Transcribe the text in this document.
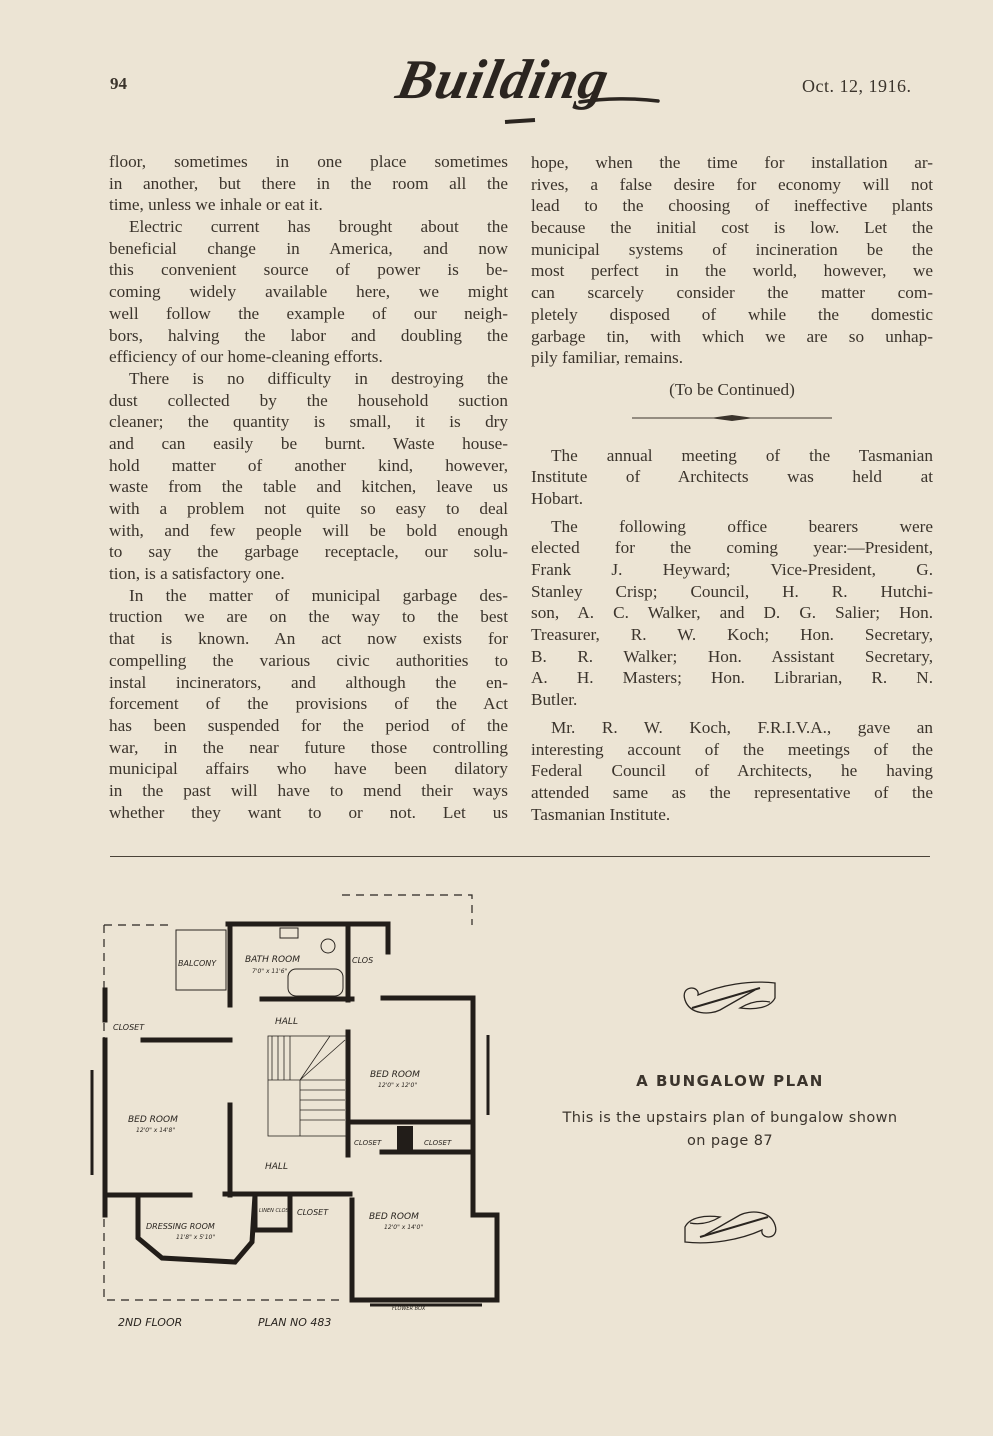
94	Building	Oct. 12, 1916.
floor, sometimes in one place sometimes
in another, but there in the room all the
time, unless we inhale or eat it.
Electric current has brought about the
beneficial change in America, and now
this convenient source of power is be-
coming widely available here, we might
well follow the example of our neigh-
bors, halving the labor and doubling the
efficiency of our home-cleaning efforts.
There is no difficulty in destroying the
dust collected by the household suction
cleaner; the quantity is small, it is dry
and can easily be burnt. Waste house-
hold matter of another kind, however,
waste from the table and kitchen, leave us
with a problem not quite so easy to deal
with, and few people will be bold enough
to say the garbage receptacle, our solu-
tion, is a satisfactory one.
In the matter of municipal garbage des-
truction we are on the way to the best
that is known. An act now exists for
compelling the various civic authorities to
instal incinerators, and although the en-
forcement of the provisions of the Act
has been suspended for the period of the
war, in the near future those controlling
municipal affairs who have been dilatory
in the past will have to mend their ways
whether they want to or not. Let us
hope, when the time for installation ar-
rives, a false desire for economy will not
lead to the choosing of ineffective plants
because the initial cost is low. Let the
municipal systems of incineration be the
most perfect in the world, however, we
can scarcely consider the matter com-
pletely disposed of while the domestic
garbage tin, with which we are so unhap-
pily familiar, remains.
(To be Continued)
The annual meeting of the Tasmanian
Institute of Architects was held at
Hobart.
The following office bearers were
elected for the coming year:—President,
Frank J. Heyward; Vice-President, G.
Stanley Crisp; Council, H. R. Hutchi-
son, A. C. Walker, and D. G. Salier; Hon.
Treasurer, R. W. Koch; Hon. Secretary,
B. R. Walker; Hon. Assistant Secretary,
A. H. Masters; Hon. Librarian, R. N.
Butler.
Mr. R. W. Koch, F.R.I.V.A., gave an
interesting account of the meetings of the
Federal Council of Architects, he having
attended same as the representative of the
Tasmanian Institute.
BALCONY	BATH ROOM
7'0" x 11'6"
CLOS
CLOSET
HALL
BED ROOM
12'0" x 12'0"
BED ROOM
12'0" x 14'8"
CLOSET	CLOSET
HALL
LINEN CLOS CLOSET	BED ROOM
12'0" x 14'0"
DRESSING ROOM
11'8" x 5'10"
FLOWER BOX
2ND FLOOR	PLAN NO 483
A BUNGALOW PLAN
This is the upstairs plan of bungalow shown
on page 87
